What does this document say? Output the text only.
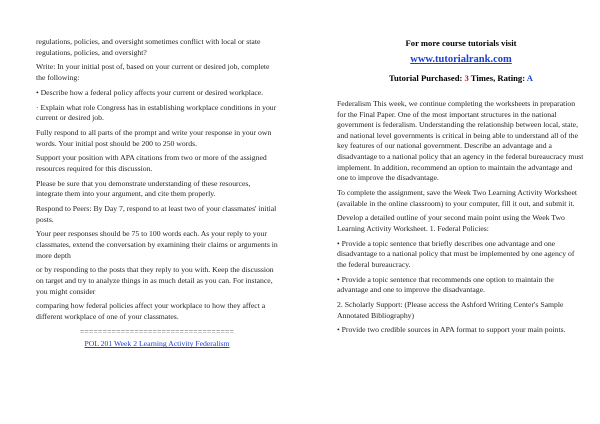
regulations, policies, and oversight sometimes conflict with local or state regulations, policies, and oversight?

Write: In your initial post of, based on your current or desired job, complete the following:

• Describe how a federal policy affects your current or desired workplace.

· Explain what role Congress has in establishing workplace conditions in your current or desired job.

Fully respond to all parts of the prompt and write your response in your own words. Your initial post should be 200 to 250 words.

Support your position with APA citations from two or more of the assigned resources required for this discussion.

Please be sure that you demonstrate understanding of these resources, integrate them into your argument, and cite them properly.

Respond to Peers: By Day 7, respond to at least two of your classmates' initial posts.

Your peer responses should be 75 to 100 words each. As your reply to your classmates, extend the conversation by examining their claims or arguments in more depth

or by responding to the posts that they reply to you with. Keep the discussion on target and try to analyze things in as much detail as you can. For instance, you might consider

comparing how federal policies affect your workplace to how they affect a different workplace of one of your classmates.

==================================
POL 201 Week 2 Learning Activity Federalism
For more course tutorials visit
www.tutorialrank.com
Tutorial Purchased: 3 Times, Rating: A

Federalism This week, we continue completing the worksheets in preparation for the Final Paper. One of the most important structures in the national government is federalism. Understanding the relationship between local, state, and national level governments is critical in being able to understand all of the key features of our national government. Describe an advantage and a disadvantage to a national policy that an agency in the federal bureaucracy must implement. In addition, recommend an option to maintain the advantage and one to improve the disadvantage.

To complete the assignment, save the Week Two Learning Activity Worksheet (available in the online classroom) to your computer, fill it out, and submit it.

Develop a detailed outline of your second main point using the Week Two Learning Activity Worksheet. 1. Federal Policies:

• Provide a topic sentence that briefly describes one advantage and one disadvantage to a national policy that must be implemented by one agency of the federal bureaucracy.

• Provide a topic sentence that recommends one option to maintain the advantage and one to improve the disadvantage.

2. Scholarly Support: (Please access the Ashford Writing Center's Sample Annotated Bibliography)

• Provide two credible sources in APA format to support your main points.
